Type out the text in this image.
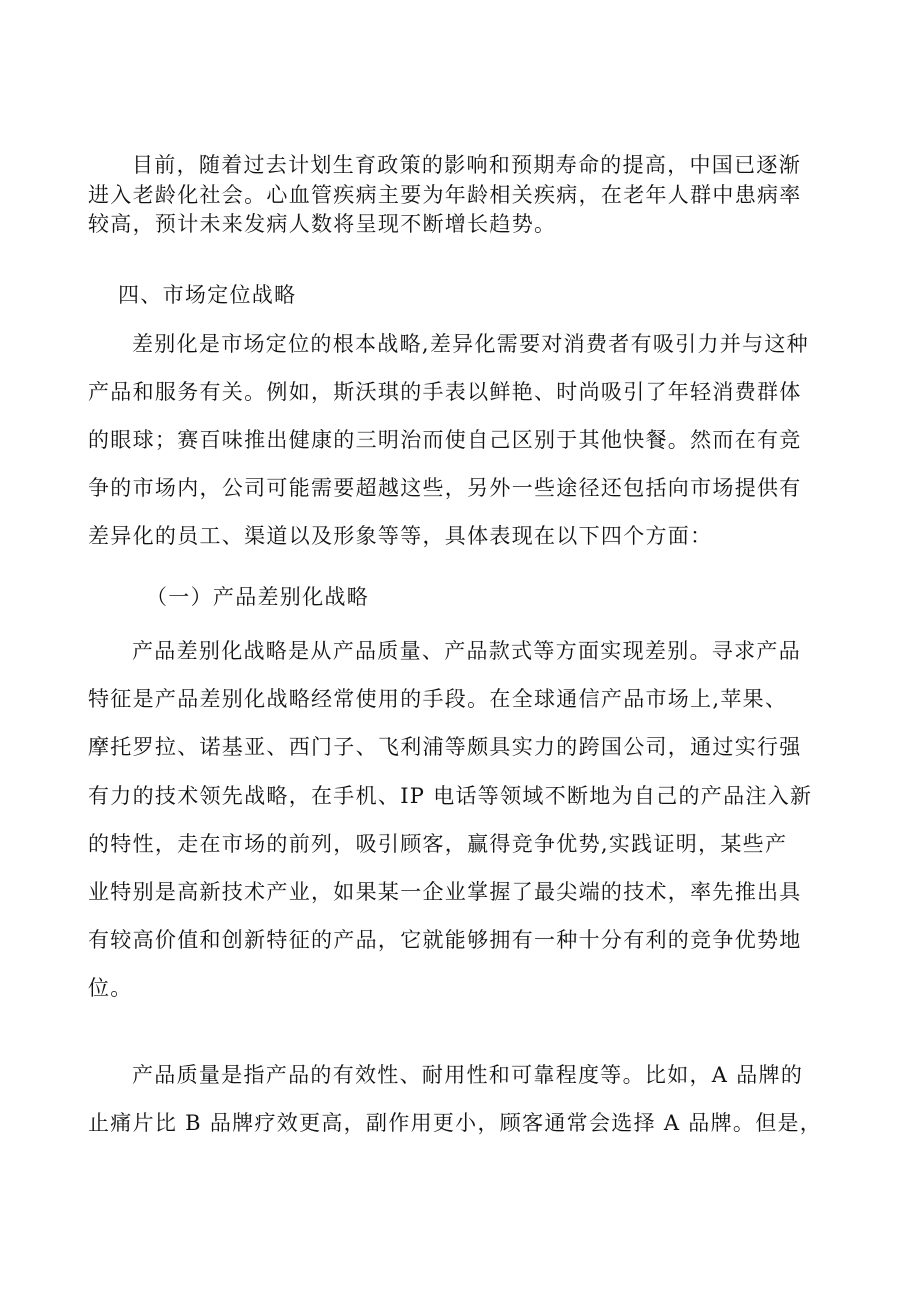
目前，随着过去计划生育政策的影响和预期寿命的提高，中国已逐渐
进入老龄化社会。心血管疾病主要为年龄相关疾病，在老年人群中患病率
较高，预计未来发病人数将呈现不断增长趋势。

四、市场定位战略

差别化是市场定位的根本战略,差异化需要对消费者有吸引力并与这种
产品和服务有关。例如，斯沃琪的手表以鲜艳、时尚吸引了年轻消费群体
的眼球；赛百味推出健康的三明治而使自己区别于其他快餐。然而在有竞
争的市场内，公司可能需要超越这些，另外一些途径还包括向市场提供有
差异化的员工、渠道以及形象等等，具体表现在以下四个方面：

（一）产品差别化战略

产品差别化战略是从产品质量、产品款式等方面实现差别。寻求产品
特征是产品差别化战略经常使用的手段。在全球通信产品市场上,苹果、
摩托罗拉、诺基亚、西门子、飞利浦等颇具实力的跨国公司，通过实行强
有力的技术领先战略，在手机、IP 电话等领域不断地为自己的产品注入新
的特性，走在市场的前列，吸引顾客，赢得竞争优势,实践证明，某些产
业特别是高新技术产业，如果某一企业掌握了最尖端的技术，率先推出具
有较高价值和创新特征的产品，它就能够拥有一种十分有利的竞争优势地
位。

产品质量是指产品的有效性、耐用性和可靠程度等。比如，A 品牌的
止痛片比 B 品牌疗效更高，副作用更小，顾客通常会选择 A 品牌。但是，
